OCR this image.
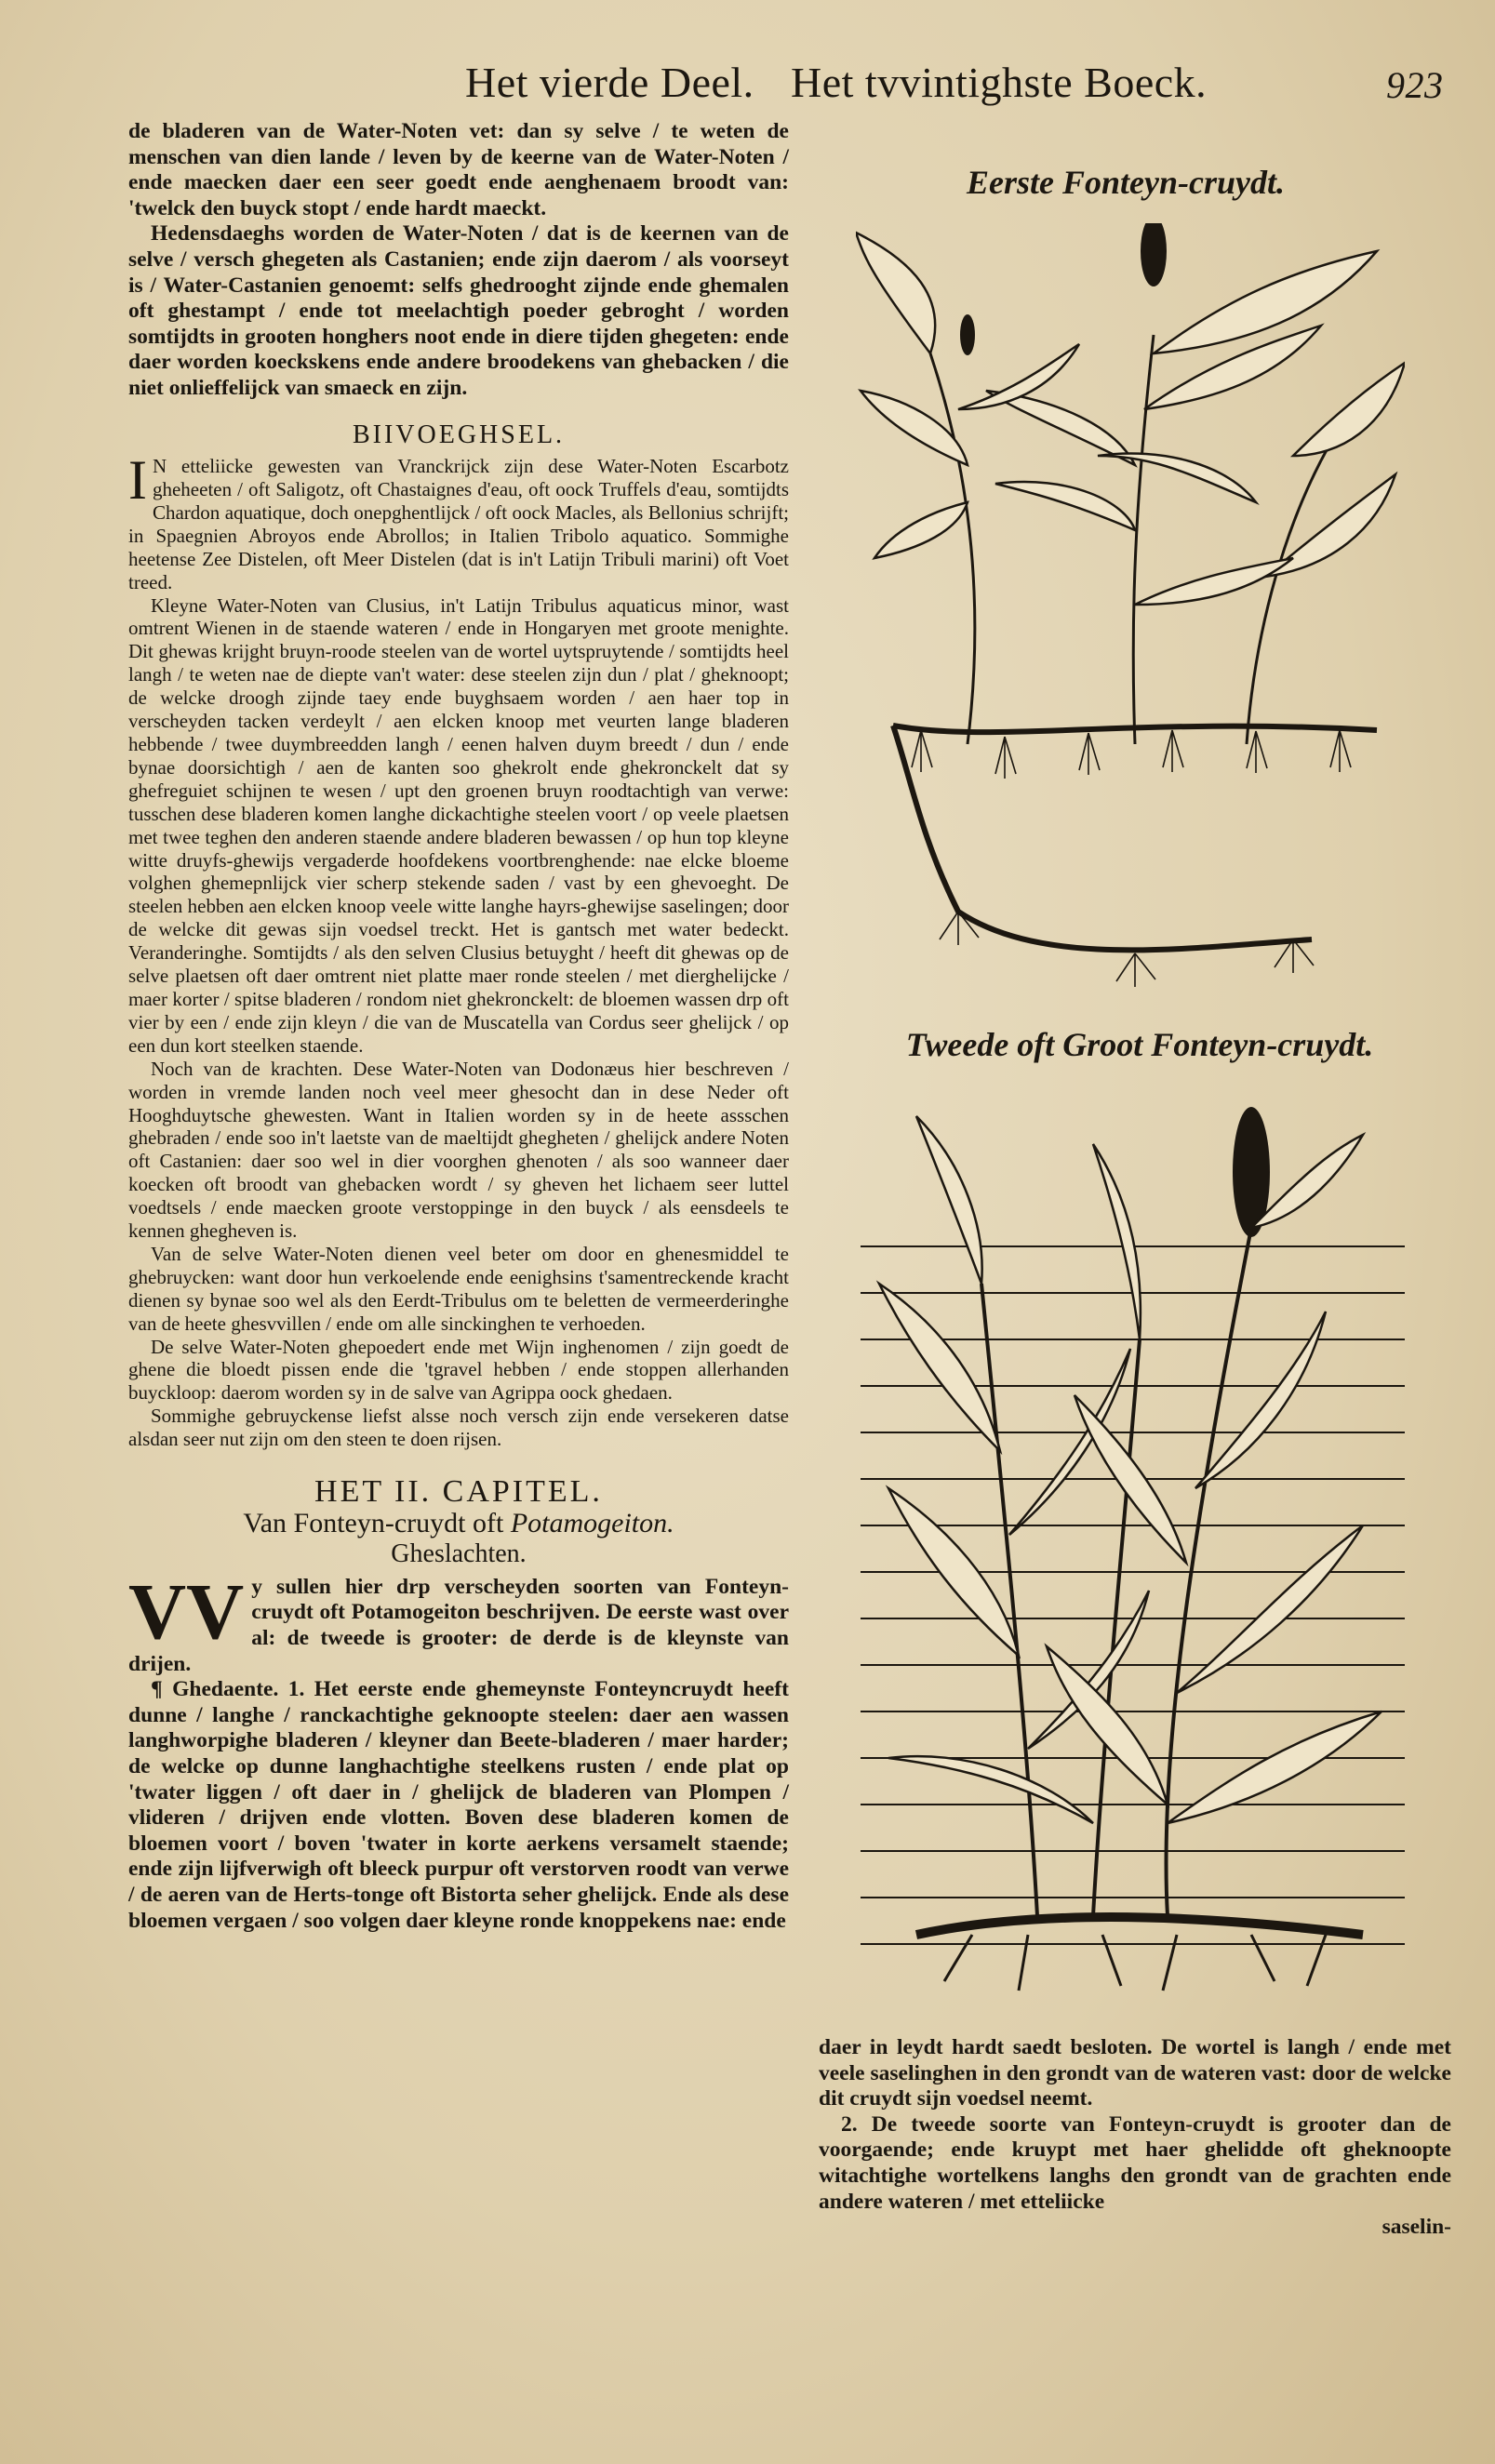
Het vierde Deel. Het tvvintighste Boeck.	923

de bladeren van de Water-Noten vet: dan sy selve / te weten de menschen van dien lande / leven by de keerne van de Water-Noten / ende maecken daer een seer goedt ende aenghenaem broodt van: 'twelck den buyck stopt / ende hardt maeckt.

Hedensdaeghs worden de Water-Noten / dat is de keernen van de selve / versch ghegeten als Castanien; ende zijn daerom / als voorseyt is / Water-Castanien genoemt: selfs ghedrooght zijnde ende ghemalen oft ghestampt / ende tot meelachtigh poeder gebroght / worden somtijdts in grooten honghers noot ende in diere tijden ghegeten: ende daer worden koeckskens ende andere broodekens van ghebacken / die niet onlieffelijck van smaeck en zijn.

BIIVOEGHSEL.

I N etteliicke gewesten van Vranckrijck zijn dese Water-Noten Escarbotz gheheeten / oft Saligotz, oft Chastaignes d'eau, oft oock Truffels d'eau, somtijdts Chardon aquatique, doch onepghentlijck / oft oock Macles, als Bellonius schrijft; in Spaegnien Abroyos ende Abrollos; in Italien Tribolo aquatico. Sommighe heetense Zee Distelen, oft Meer Distelen (dat is in't Latijn Tribuli marini) oft Voet treed.

Kleyne Water-Noten van Clusius, in't Latijn Tribulus aquaticus minor, wast omtrent Wienen in de staende wateren / ende in Hongaryen met groote menighte. Dit ghewas krijght bruyn-roode steelen van de wortel uytspruytende / somtijdts heel langh / te weten nae de diepte van't water: dese steelen zijn dun / plat / gheknoopt; de welcke droogh zijnde taey ende buyghsaem worden / aen haer top in verscheyden tacken verdeylt / aen elcken knoop met veurten lange bladeren hebbende / twee duymbreedden langh / eenen halven duym breedt / dun / ende bynae doorsichtigh / aen de kanten soo ghekrolt ende ghekronckelt dat sy ghefreguiet schijnen te wesen / upt den groenen bruyn roodtachtigh van verwe: tusschen dese bladeren komen langhe dickachtighe steelen voort / op veele plaetsen met twee teghen den anderen staende andere bladeren bewassen / op hun top kleyne witte druyfs-ghewijs vergaderde hoofdekens voortbrenghende: nae elcke bloeme volghen ghemepnlijck vier scherp stekende saden / vast by een ghevoeght. De steelen hebben aen elcken knoop veele witte langhe hayrs-ghewijse saselingen; door de welcke dit gewas sijn voedsel treckt. Het is gantsch met water bedeckt. Veranderinghe. Somtijdts / als den selven Clusius betuyght / heeft dit ghewas op de selve plaetsen oft daer omtrent niet platte maer ronde steelen / met dierghelijcke / maer korter / spitse bladeren / rondom niet ghekronckelt: de bloemen wassen drp oft vier by een / ende zijn kleyn / die van de Muscatella van Cordus seer ghelijck / op een dun kort steelken staende.

Noch van de krachten. Dese Water-Noten van Dodonæus hier beschreven / worden in vremde landen noch veel meer ghesocht dan in dese Neder oft Hooghduytsche ghewesten. Want in Italien worden sy in de heete assschen ghebraden / ende soo in't laetste van de maeltijdt ghegheten / ghelijck andere Noten oft Castanien: daer soo wel in dier voorghen ghenoten / als soo wanneer daer koecken oft broodt van ghebacken wordt / sy gheven het lichaem seer luttel voedtsels / ende maecken groote verstoppinge in den buyck / als eensdeels te kennen ghegheven is.

Van de selve Water-Noten dienen veel beter om door en ghenesmiddel te ghebruycken: want door hun verkoelende ende eenighsins t'samentreckende kracht dienen sy bynae soo wel als den Eerdt-Tribulus om te beletten de vermeerderinghe van de heete ghesvvillen / ende om alle sinckinghen te verhoeden.

De selve Water-Noten ghepoedert ende met Wijn inghenomen / zijn goedt de ghene die bloedt pissen ende die 'tgravel hebben / ende stoppen allerhanden buyckloop: daerom worden sy in de salve van Agrippa oock ghedaen.

Sommighe gebruyckense liefst alsse noch versch zijn ende versekeren datse alsdan seer nut zijn om den steen te doen rijsen.

HET II. CAPITEL.
Van Fonteyn-cruydt oft Potamogeiton.
Gheslachten.

VV y sullen hier drp verscheyden soorten van Fonteyn-cruydt oft Potamogeiton beschrijven. De eerste wast over al: de tweede is grooter: de derde is de kleynste van drijen.

¶ Ghedaente. 1. Het eerste ende ghemeynste Fonteyncruydt heeft dunne / langhe / ranckachtighe geknoopte steelen: daer aen wassen langhworpighe bladeren / kleyner dan Beete-bladeren / maer harder; de welcke op dunne langhachtighe steelkens rusten / ende plat op 'twater liggen / oft daer in / ghelijck de bladeren van Plompen / vlideren / drijven ende vlotten. Boven dese bladeren komen de bloemen voort / boven 'twater in korte aerkens versamelt staende; ende zijn lijfverwigh oft bleeck purpur oft verstorven roodt van verwe / de aeren van de Herts-tonge oft Bistorta seher ghelijck. Ende als dese bloemen vergaen / soo volgen daer kleyne ronde knoppekens nae: ende

Eerste Fonteyn-cruydt.
Tweede oft Groot Fonteyn-cruydt.

daer in leydt hardt saedt besloten. De wortel is langh / ende met veele saselinghen in den grondt van de wateren vast: door de welcke dit cruydt sijn voedsel neemt.

2. De tweede soorte van Fonteyn-cruydt is grooter dan de voorgaende; ende kruypt met haer ghelidde oft gheknoopte witachtighe wortelkens langhs den grondt van de grachten ende andere wateren / met etteliicke

saselin-
